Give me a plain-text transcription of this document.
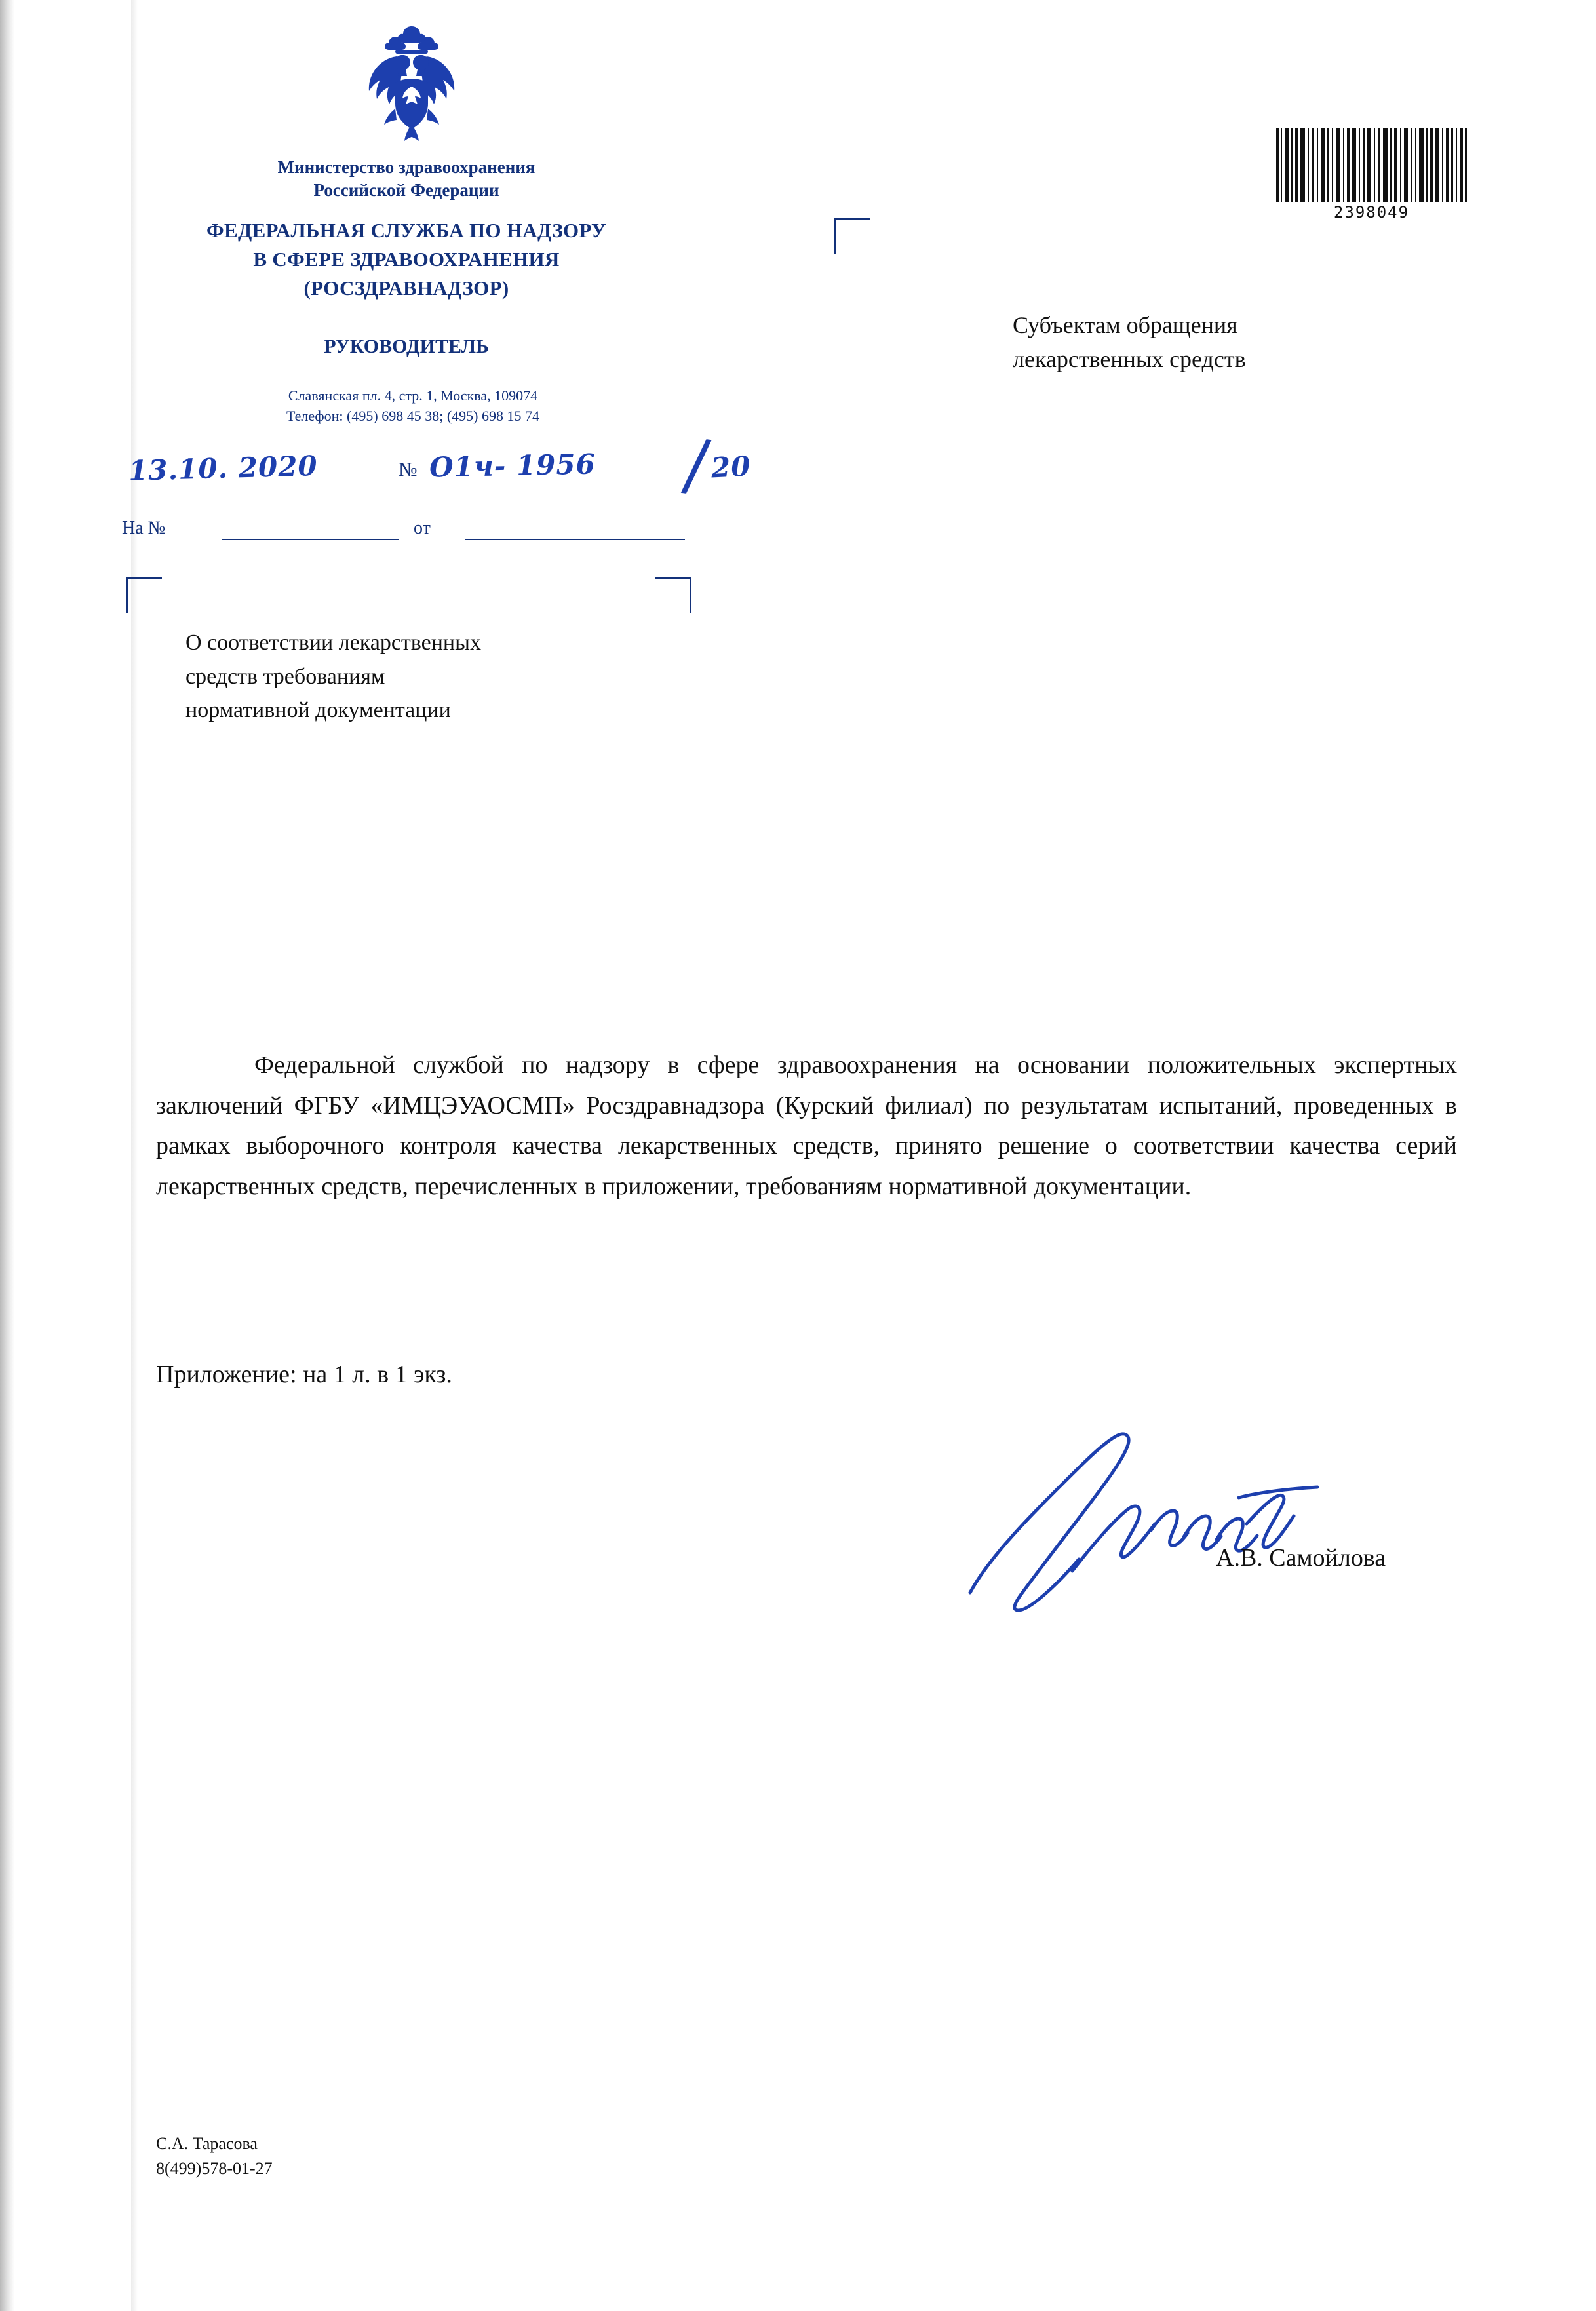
Министерство здравоохранения
Российской Федерации
ФЕДЕРАЛЬНАЯ СЛУЖБА ПО НАДЗОРУ
В СФЕРЕ ЗДРАВООХРАНЕНИЯ
(РОСЗДРАВНАДЗОР)
РУКОВОДИТЕЛЬ
Славянская пл. 4, стр. 1, Москва, 109074
Телефон: (495) 698 45 38; (495) 698 15 74
13.10. 2020	№ О1ч- 1956 /
20
На №	от
2398049
Субъектам обращения
лекарственных средств
О соответствии лекарственных
средств требованиям
нормативной документации
Федеральной службой по надзору в сфере здравоохранения на основании положительных экспертных заключений ФГБУ «ИМЦЭУАОСМП» Росздравнадзора (Курский филиал) по результатам испытаний, проведенных в рамках выборочного контроля качества лекарственных средств, принято решение о соответствии качества серий лекарственных средств, перечисленных в приложении, требованиям нормативной документации.
Приложение: на 1 л. в 1 экз.
А.В. Самойлова
С.А. Тарасова
8(499)578-01-27
